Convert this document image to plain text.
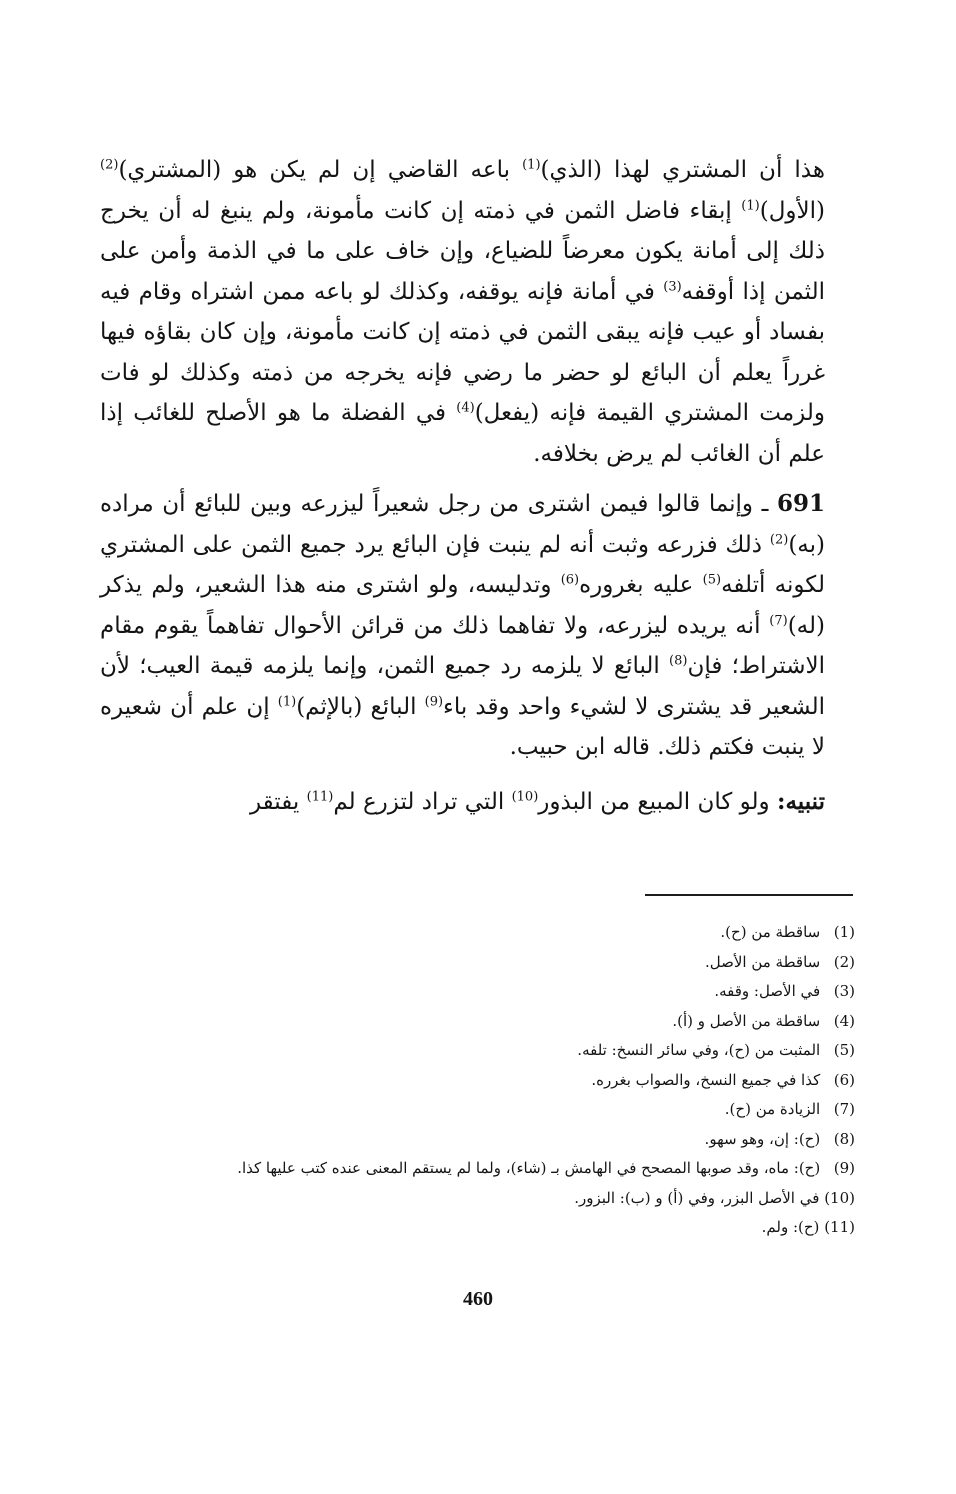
هذا أن المشتري لهذا (الذي)$^{(1)}$ باعه القاضي إن لم يكن هو (المشتري)$^{(2)}$ (الأول)$^{(1)}$ إبقاء فاضل الثمن في ذمته إن كانت مأمونة، ولم ينبغ له أن يخرج ذلك إلى أمانة يكون معرضاً للضياع، وإن خاف على ما في الذمة وأمن على الثمن إذا أوقفه$^{(3)}$ في أمانة فإنه يوقفه، وكذلك لو باعه ممن اشتراه وقام فيه بفساد أو عيب فإنه يبقى الثمن في ذمته إن كانت مأمونة، وإن كان بقاؤه فيها غرراً يعلم أن البائع لو حضر ما رضي فإنه يخرجه من ذمته وكذلك لو فات ولزمت المشتري القيمة فإنه (يفعل)$^{(4)}$ في الفضلة ما هو الأصلح للغائب إذا علم أن الغائب لم يرض بخلافه.

691 ـ وإنما قالوا فيمن اشترى من رجل شعيراً ليزرعه وبين للبائع أن مراده (به)$^{(2)}$ ذلك فزرعه وثبت أنه لم ينبت فإن البائع يرد جميع الثمن على المشتري لكونه أتلفه$^{(5)}$ عليه بغروره$^{(6)}$ وتدليسه، ولو اشترى منه هذا الشعير، ولم يذكر (له)$^{(7)}$ أنه يريده ليزرعه، ولا تفاهما ذلك من قرائن الأحوال تفاهماً يقوم مقام الاشتراط؛ فإن$^{(8)}$ البائع لا يلزمه رد جميع الثمن، وإنما يلزمه قيمة العيب؛ لأن الشعير قد يشترى لا لشيء واحد وقد باء$^{(9)}$ البائع (بالإثم)$^{(1)}$ إن علم أن شعيره لا ينبت فكتم ذلك. قاله ابن حبيب.

تنبيه: ولو كان المبيع من البذور$^{(10)}$ التي تراد لتزرع لم$^{(11)}$ يفتقر

(1) ساقطة من (ح).
(2) ساقطة من الأصل.
(3) في الأصل: وقفه.
(4) ساقطة من الأصل و (أ).
(5) المثبت من (ح)، وفي سائر النسخ: تلفه.
(6) كذا في جميع النسخ، والصواب بغرره.
(7) الزيادة من (ح).
(8) (ح): إن، وهو سهو.
(9) (ح): ماه، وقد صوبها المصحح في الهامش بـ (شاء)، ولما لم يستقم المعنى عنده كتب عليها كذا.
(10) في الأصل البزر، وفي (أ) و (ب): البزور.
(11) (ح): ولم.
460
